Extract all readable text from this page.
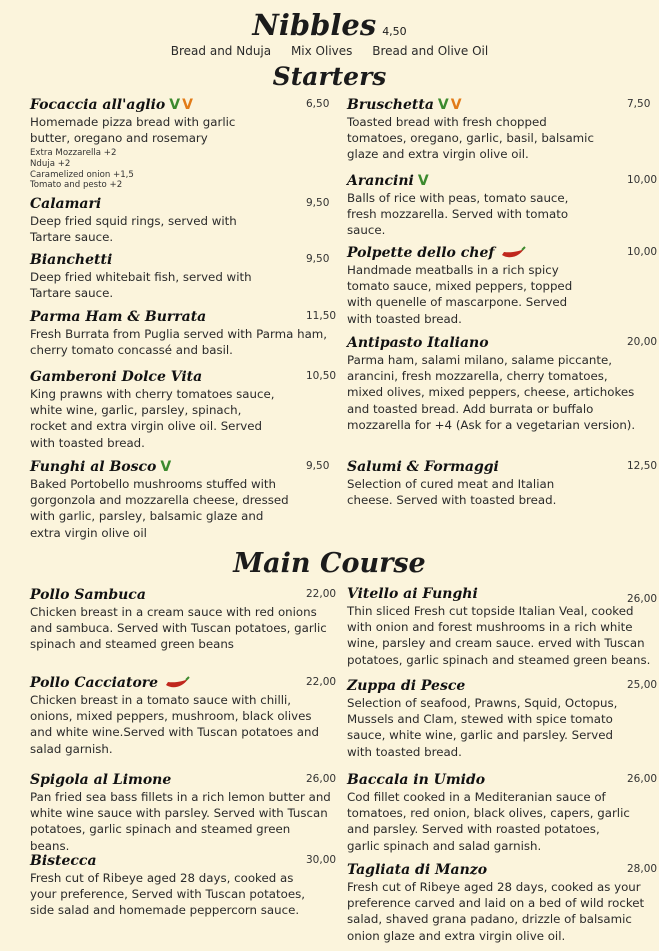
Nibbles 4,50
Bread and Nduja Mix Olives Bread and Olive Oil
Starters
Focaccia all'aglio V V	6,50

Homemade pizza bread with garlic butter, oregano and rosemary

Extra Mozzarella +2
Nduja +2
Caramelized onion +1,5
Tomato and pesto +2
Calamari	9,50

Deep fried squid rings, served with Tartare sauce.

Bianchetti	9,50

Deep fried whitebait fish, served with Tartare sauce.

Parma Ham & Burrata	11,50

Fresh Burrata from Puglia served with Parma ham, cherry tomato concassé and basil.

Gamberoni Dolce Vita	10,50

King prawns with cherry tomatoes sauce, white wine, garlic, parsley, spinach, rocket and extra virgin olive oil. Served with toasted bread.

Funghi al Bosco V	9,50

Baked Portobello mushrooms stuffed with gorgonzola and mozzarella cheese, dressed with garlic, parsley, balsamic glaze and extra virgin olive oil

Bruschetta V V	7,50

Toasted bread with fresh chopped tomatoes, oregano, garlic, basil, balsamic glaze and extra virgin olive oil.

Arancini V	10,00

Balls of rice with peas, tomato sauce, fresh mozzarella. Served with tomato sauce.

Polpette dello chef	10,00

Handmade meatballs in a rich spicy tomato sauce, mixed peppers, topped with quenelle of mascarpone. Served with toasted bread.

Antipasto Italiano	20,00

Parma ham, salami milano, salame piccante, arancini, fresh mozzarella, cherry tomatoes, mixed olives, mixed peppers, cheese, artichokes and toasted bread. Add burrata or buffalo mozzarella for +4 (Ask for a vegetarian version).

Salumi & Formaggi	12,50

Selection of cured meat and Italian cheese. Served with toasted bread.

Main Course
Pollo Sambuca	22,00

Chicken breast in a cream sauce with red onions and sambuca. Served with Tuscan potatoes, garlic spinach and steamed green beans

Pollo Cacciatore	22,00

Chicken breast in a tomato sauce with chilli, onions, mixed peppers, mushroom, black olives and white wine.Served with Tuscan potatoes and salad garnish.

Spigola al Limone	26,00

Pan fried sea bass fillets in a rich lemon butter and white wine sauce with parsley. Served with Tuscan potatoes, garlic spinach and steamed green beans.

Bistecca	30,00

Fresh cut of Ribeye aged 28 days, cooked as your preference, Served with Tuscan potatoes, side salad and homemade peppercorn sauce.

Vitello ai Funghi	26,00

Thin sliced Fresh cut topside Italian Veal, cooked with onion and forest mushrooms in a rich white wine, parsley and cream sauce. erved with Tuscan potatoes, garlic spinach and steamed green beans.

Zuppa di Pesce	25,00

Selection of seafood, Prawns, Squid, Octopus, Mussels and Clam, stewed with spice tomato sauce, white wine, garlic and parsley. Served with toasted bread.

Baccala in Umido	26,00

Cod fillet cooked in a Mediteranian sauce of tomatoes, red onion, black olives, capers, garlic and parsley. Served with roasted potatoes, garlic spinach and salad garnish.

Tagliata di Manzo	28,00

Fresh cut of Ribeye aged 28 days, cooked as your preference carved and laid on a bed of wild rocket salad, shaved grana padano, drizzle of balsamic onion glaze and extra virgin olive oil.
